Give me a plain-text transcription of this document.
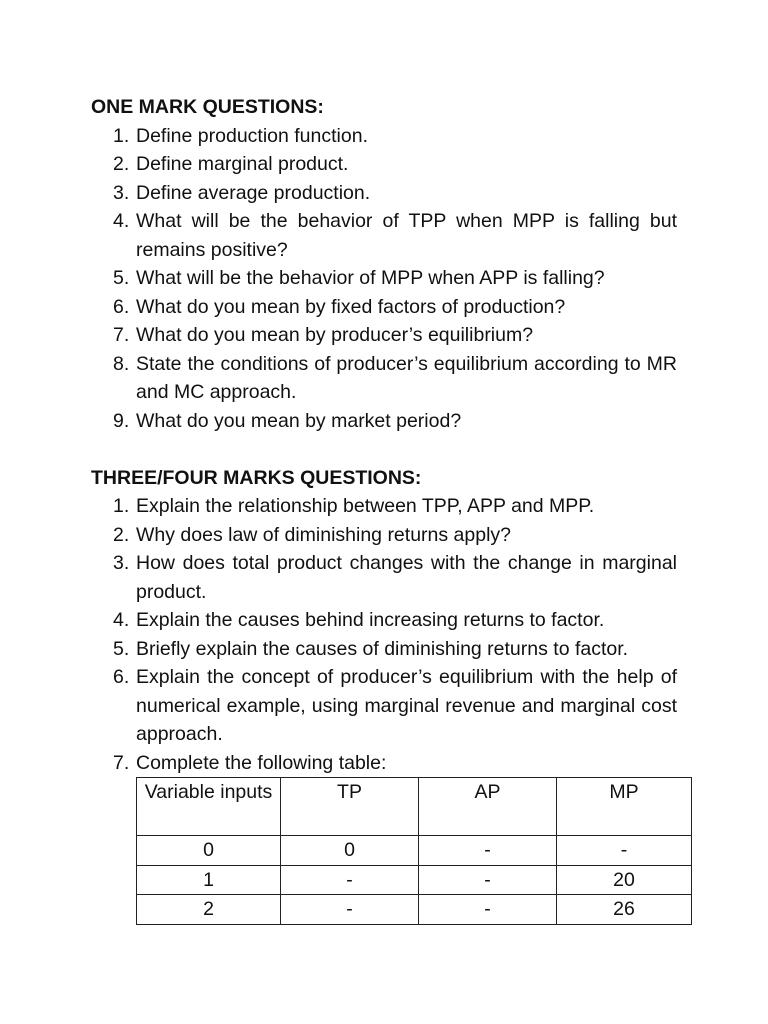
ONE MARK QUESTIONS:

1. Define production function.
2. Define marginal product.
3. Define average production.
4. What will be the behavior of TPP when MPP is falling but remains positive?
5. What will be the behavior of MPP when APP is falling?
6. What do you mean by fixed factors of production?
7. What do you mean by producer’s equilibrium?
8. State the conditions of producer’s equilibrium according to MR and MC approach.
9. What do you mean by market period?

THREE/FOUR MARKS QUESTIONS:

1. Explain the relationship between TPP, APP and MPP.
2. Why does law of diminishing returns apply?
3. How does total product changes with the change in marginal product.
4. Explain the causes behind increasing returns to factor.
5. Briefly explain the causes of diminishing returns to factor.
6. Explain the concept of producer’s equilibrium with the help of numerical example, using marginal revenue and marginal cost approach.
7. Complete the following table:
Variable inputs	TP	AP	MP
0	0	-	-
1	-	-	20
2	-	-	26
